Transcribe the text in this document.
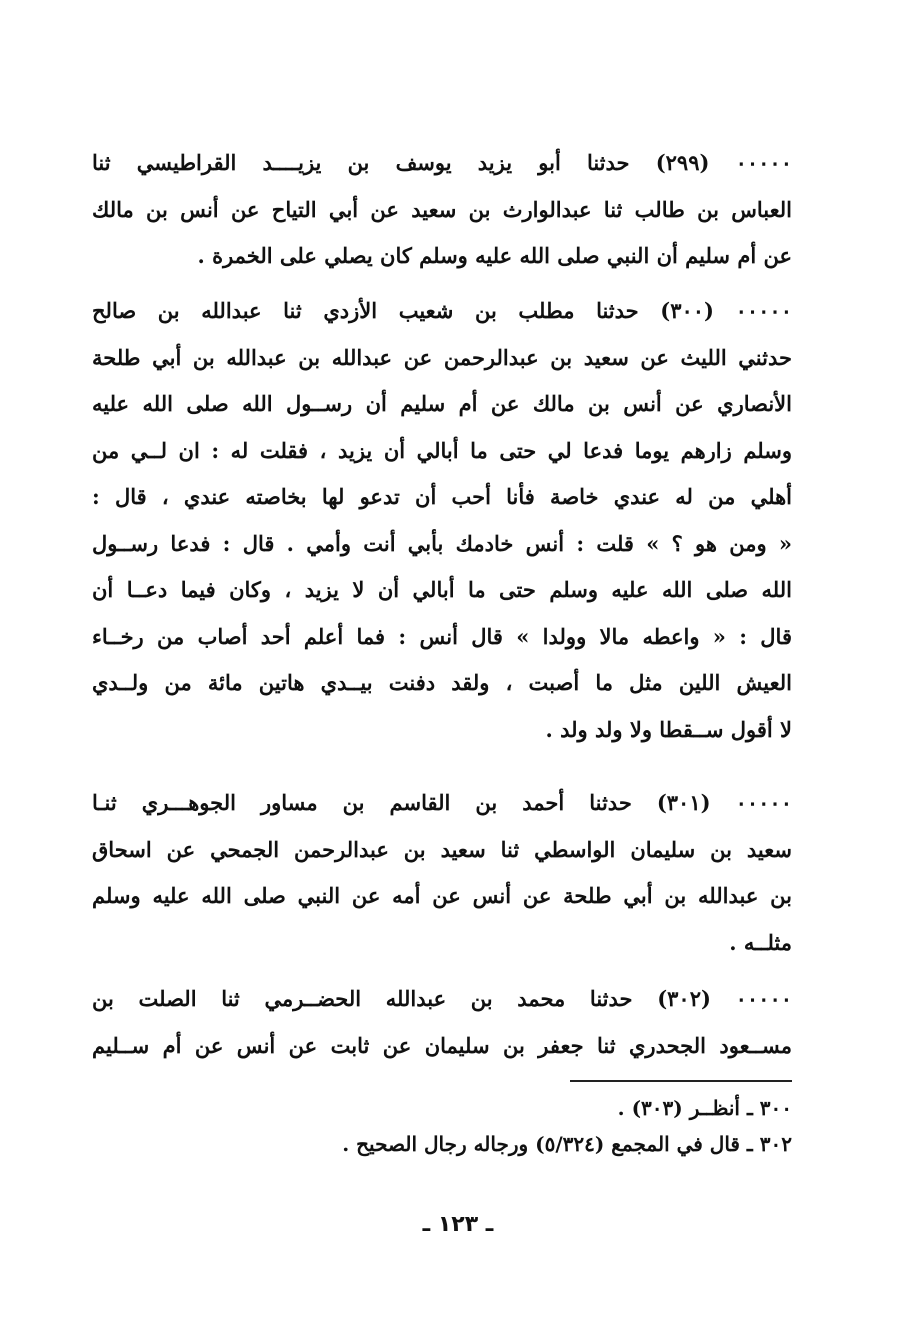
٠٠٠٠٠ (٢٩٩) حدثنا أبو يزيد يوسف بن يزيــــد القراطيسي ثنا
العباس بن طالب ثنا عبدالوارث بن سعيد عن أبي التياح عن أنس بن مالك
عن أم سليم أن النبي صلى الله عليه وسلم كان يصلي على الخمرة .
٠٠٠٠٠ (٣٠٠) حدثنا مطلب بن شعيب الأزدي ثنا عبدالله بن صالح
حدثني الليث عن سعيد بن عبدالرحمن عن عبدالله بن عبدالله بن أبي طلحة
الأنصاري عن أنس بن مالك عن أم سليم أن رســول الله صلى الله عليه
وسلم زارهم يوما فدعا لي حتى ما أبالي أن يزيد ، فقلت له : ان لــي من
أهلي من له عندي خاصة فأنا أحب أن تدعو لها بخاصته عندي ، قال :
« ومن هو ؟ » قلت : أنس خادمك بأبي أنت وأمي . قال : فدعا رســول
الله صلى الله عليه وسلم حتى ما أبالي أن لا يزيد ، وكان فيما دعــا أن
قال : « واعطه مالا وولدا » قال أنس : فما أعلم أحد أصاب من رخــاء
العيش اللين مثل ما أصبت ، ولقد دفنت بيــدي هاتين مائة من ولــدي
لا أقول ســقطا ولا ولد ولد .
٠٠٠٠٠ (٣٠١) حدثنا أحمد بن القاسم بن مساور الجوهـــري ثنـا
سعيد بن سليمان الواسطي ثنا سعيد بن عبدالرحمن الجمحي عن اسحاق
بن عبدالله بن أبي طلحة عن أنس عن أمه عن النبي صلى الله عليه وسلم
مثلــه .
٠٠٠٠٠ (٣٠٢) حدثنا محمد بن عبدالله الحضــرمي ثنا الصلت بن
مســعود الجحدري ثنا جعفر بن سليمان عن ثابت عن أنس عن أم ســليم
٣٠٠ ـ أنظــر (٣٠٣) .
٣٠٢ ـ قال في المجمع (٥/٣٢٤) ورجاله رجال الصحيح .
ـ ١٢٣ ـ
